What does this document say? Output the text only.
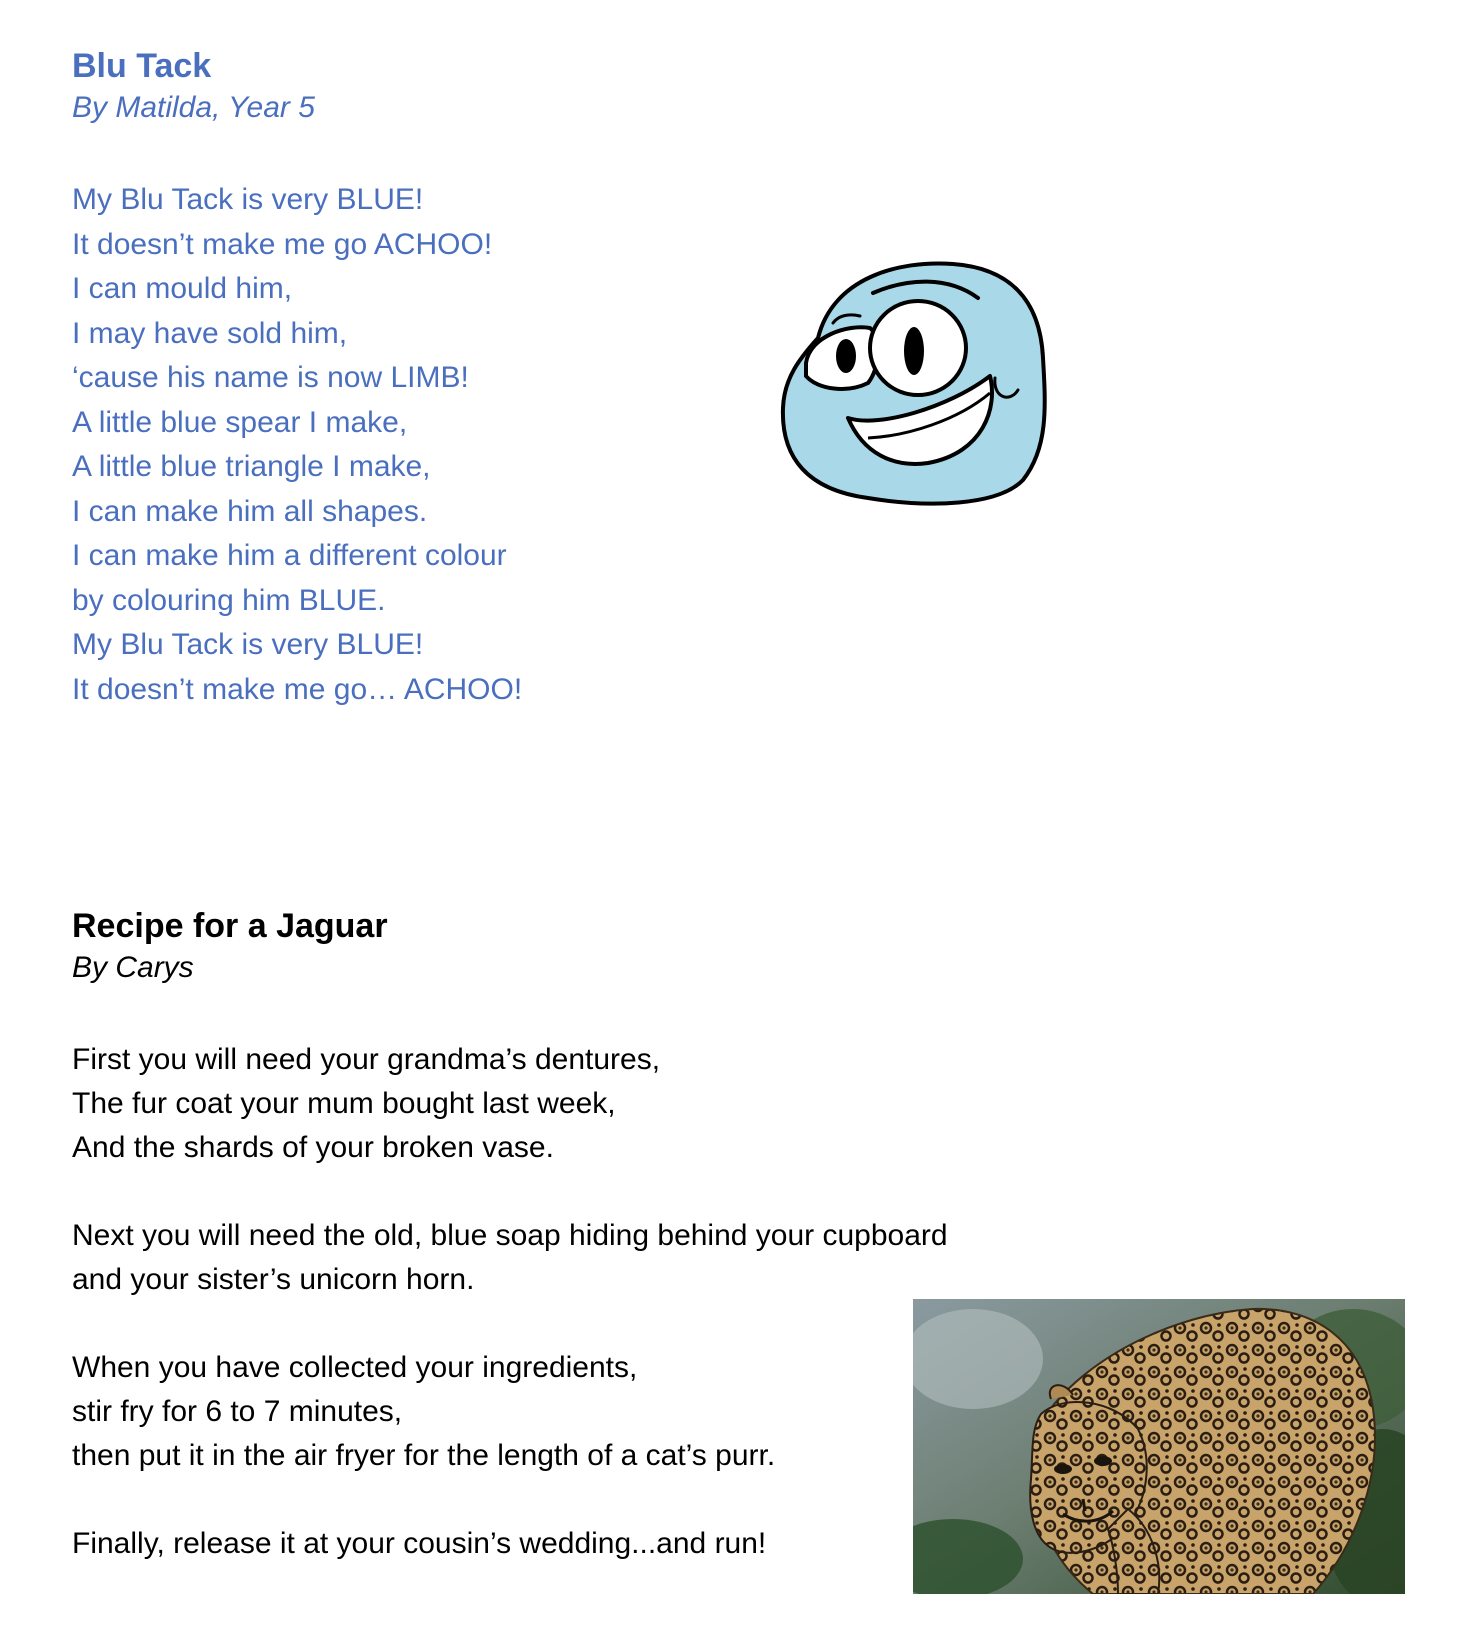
Blu Tack
By Matilda, Year 5
My Blu Tack is very BLUE!
It doesn’t make me go ACHOO!
I can mould him,
I may have sold him,
‘cause his name is now LIMB!
A little blue spear I make,
A little blue triangle I make,
I can make him all shapes.
I can make him a different colour
by colouring him BLUE.
My Blu Tack is very BLUE!
It doesn’t make me go… ACHOO!
Recipe for a Jaguar
By Carys
First you will need your grandma’s dentures,
The fur coat your mum bought last week,
And the shards of your broken vase.
Next you will need the old, blue soap hiding behind your cupboard
and your sister’s unicorn horn.
When you have collected your ingredients,
stir fry for 6 to 7 minutes,
then put it in the air fryer for the length of a cat’s purr.
Finally, release it at your cousin’s wedding...and run!
